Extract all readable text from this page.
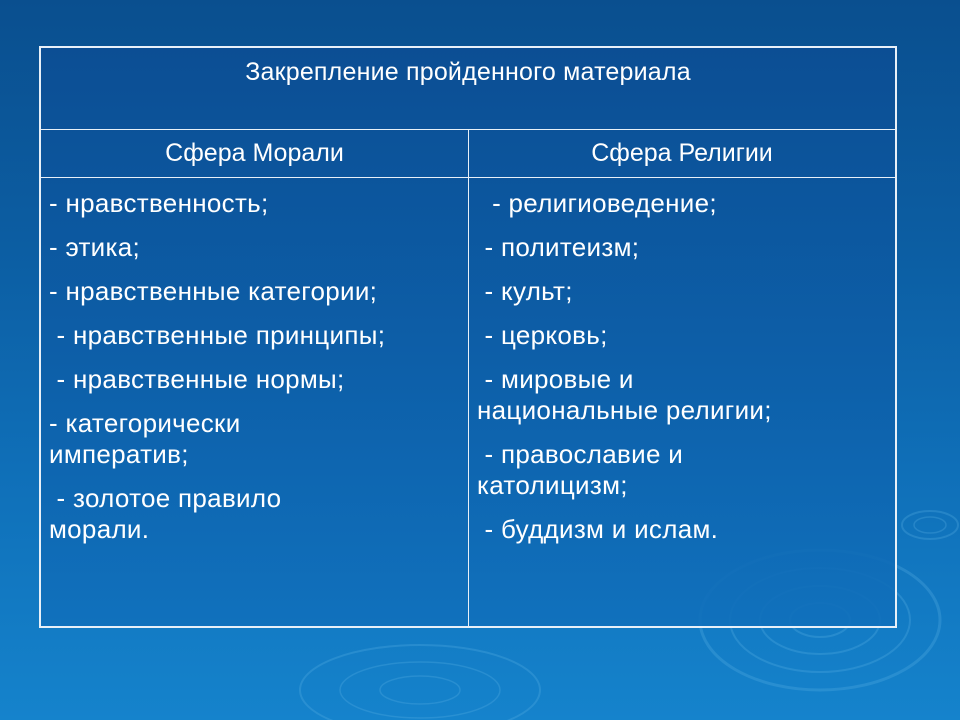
Закрепление пройденного материала
Сфера Морали	Сфера Религии
- нравственность;
- этика;
- нравственные категории;
- нравственные принципы;
- нравственные нормы;
- категорически
императив;
- золотое правило
морали.
- религиоведение;
- политеизм;
- культ;
- церковь;
- мировые и
национальные религии;
- православие и
католицизм;
- буддизм и ислам.
